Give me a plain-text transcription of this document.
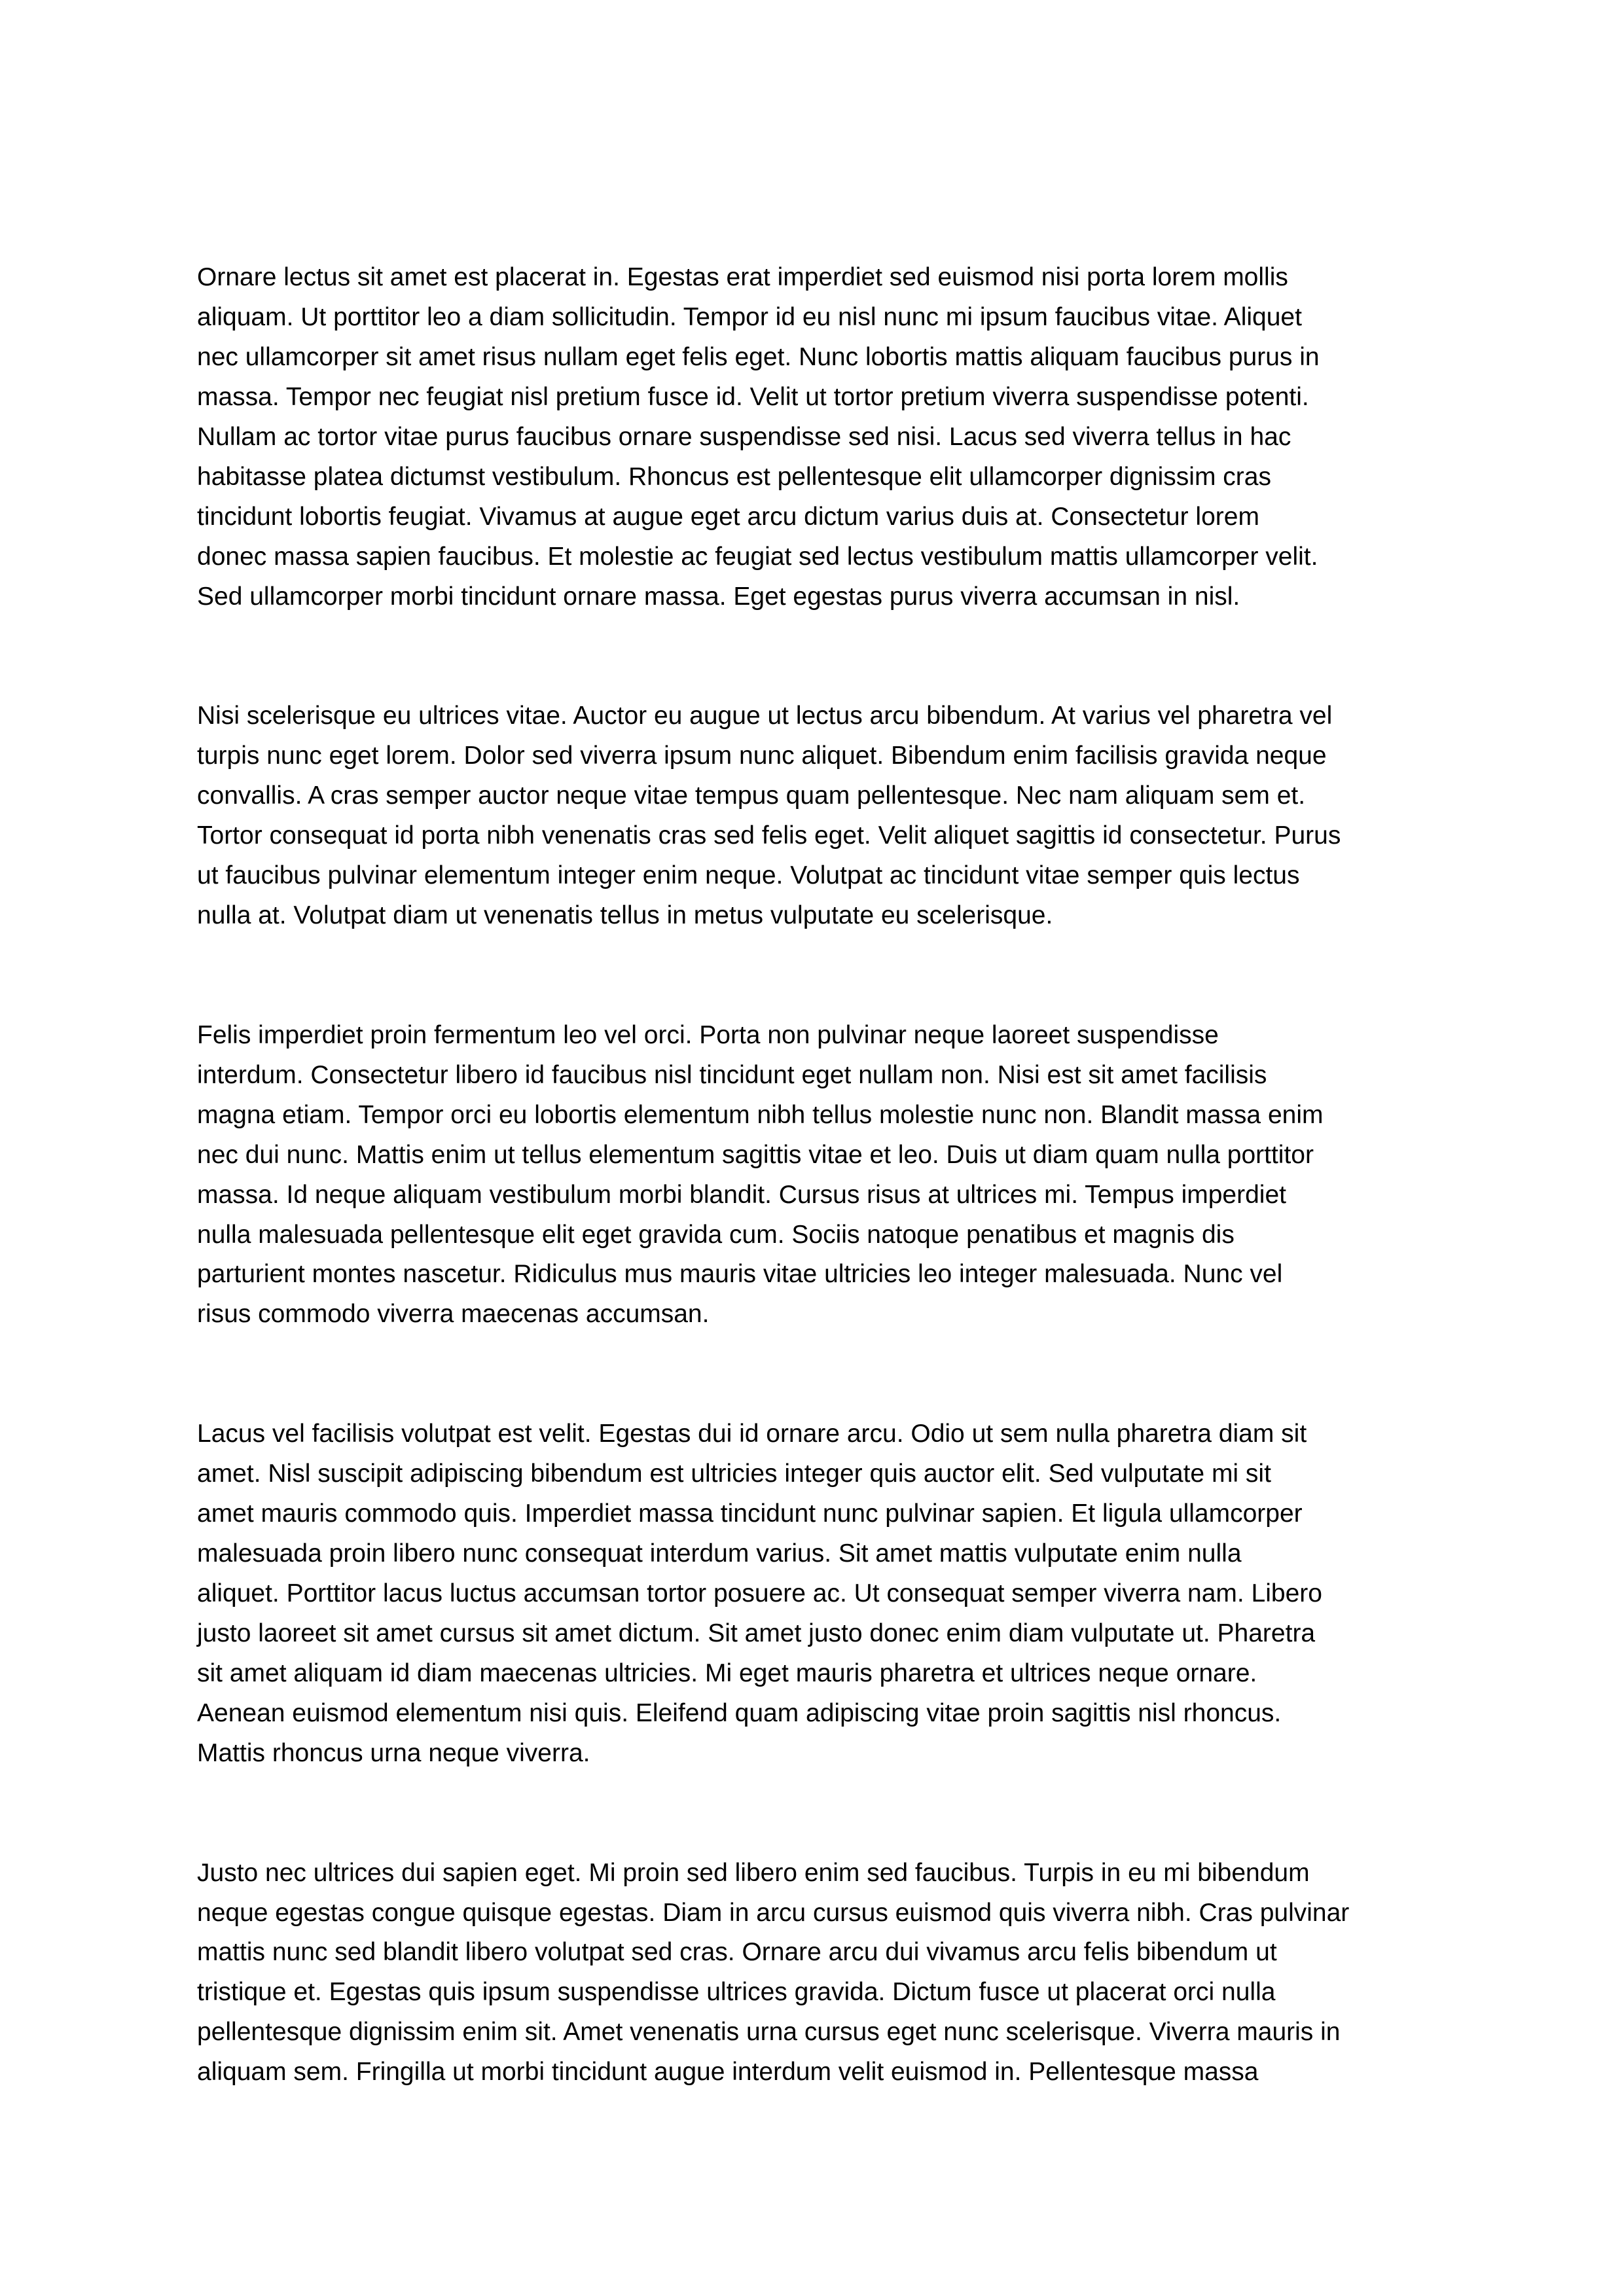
Ornare lectus sit amet est placerat in. Egestas erat imperdiet sed euismod nisi porta lorem mollis
aliquam. Ut porttitor leo a diam sollicitudin. Tempor id eu nisl nunc mi ipsum faucibus vitae. Aliquet
nec ullamcorper sit amet risus nullam eget felis eget. Nunc lobortis mattis aliquam faucibus purus in
massa. Tempor nec feugiat nisl pretium fusce id. Velit ut tortor pretium viverra suspendisse potenti.
Nullam ac tortor vitae purus faucibus ornare suspendisse sed nisi. Lacus sed viverra tellus in hac
habitasse platea dictumst vestibulum. Rhoncus est pellentesque elit ullamcorper dignissim cras
tincidunt lobortis feugiat. Vivamus at augue eget arcu dictum varius duis at. Consectetur lorem
donec massa sapien faucibus. Et molestie ac feugiat sed lectus vestibulum mattis ullamcorper velit.
Sed ullamcorper morbi tincidunt ornare massa. Eget egestas purus viverra accumsan in nisl.

Nisi scelerisque eu ultrices vitae. Auctor eu augue ut lectus arcu bibendum. At varius vel pharetra vel
turpis nunc eget lorem. Dolor sed viverra ipsum nunc aliquet. Bibendum enim facilisis gravida neque
convallis. A cras semper auctor neque vitae tempus quam pellentesque. Nec nam aliquam sem et.
Tortor consequat id porta nibh venenatis cras sed felis eget. Velit aliquet sagittis id consectetur. Purus
ut faucibus pulvinar elementum integer enim neque. Volutpat ac tincidunt vitae semper quis lectus
nulla at. Volutpat diam ut venenatis tellus in metus vulputate eu scelerisque.

Felis imperdiet proin fermentum leo vel orci. Porta non pulvinar neque laoreet suspendisse
interdum. Consectetur libero id faucibus nisl tincidunt eget nullam non. Nisi est sit amet facilisis
magna etiam. Tempor orci eu lobortis elementum nibh tellus molestie nunc non. Blandit massa enim
nec dui nunc. Mattis enim ut tellus elementum sagittis vitae et leo. Duis ut diam quam nulla porttitor
massa. Id neque aliquam vestibulum morbi blandit. Cursus risus at ultrices mi. Tempus imperdiet
nulla malesuada pellentesque elit eget gravida cum. Sociis natoque penatibus et magnis dis
parturient montes nascetur. Ridiculus mus mauris vitae ultricies leo integer malesuada. Nunc vel
risus commodo viverra maecenas accumsan.

Lacus vel facilisis volutpat est velit. Egestas dui id ornare arcu. Odio ut sem nulla pharetra diam sit
amet. Nisl suscipit adipiscing bibendum est ultricies integer quis auctor elit. Sed vulputate mi sit
amet mauris commodo quis. Imperdiet massa tincidunt nunc pulvinar sapien. Et ligula ullamcorper
malesuada proin libero nunc consequat interdum varius. Sit amet mattis vulputate enim nulla
aliquet. Porttitor lacus luctus accumsan tortor posuere ac. Ut consequat semper viverra nam. Libero
justo laoreet sit amet cursus sit amet dictum. Sit amet justo donec enim diam vulputate ut. Pharetra
sit amet aliquam id diam maecenas ultricies. Mi eget mauris pharetra et ultrices neque ornare.
Aenean euismod elementum nisi quis. Eleifend quam adipiscing vitae proin sagittis nisl rhoncus.
Mattis rhoncus urna neque viverra.

Justo nec ultrices dui sapien eget. Mi proin sed libero enim sed faucibus. Turpis in eu mi bibendum
neque egestas congue quisque egestas. Diam in arcu cursus euismod quis viverra nibh. Cras pulvinar
mattis nunc sed blandit libero volutpat sed cras. Ornare arcu dui vivamus arcu felis bibendum ut
tristique et. Egestas quis ipsum suspendisse ultrices gravida. Dictum fusce ut placerat orci nulla
pellentesque dignissim enim sit. Amet venenatis urna cursus eget nunc scelerisque. Viverra mauris in
aliquam sem. Fringilla ut morbi tincidunt augue interdum velit euismod in. Pellentesque massa
